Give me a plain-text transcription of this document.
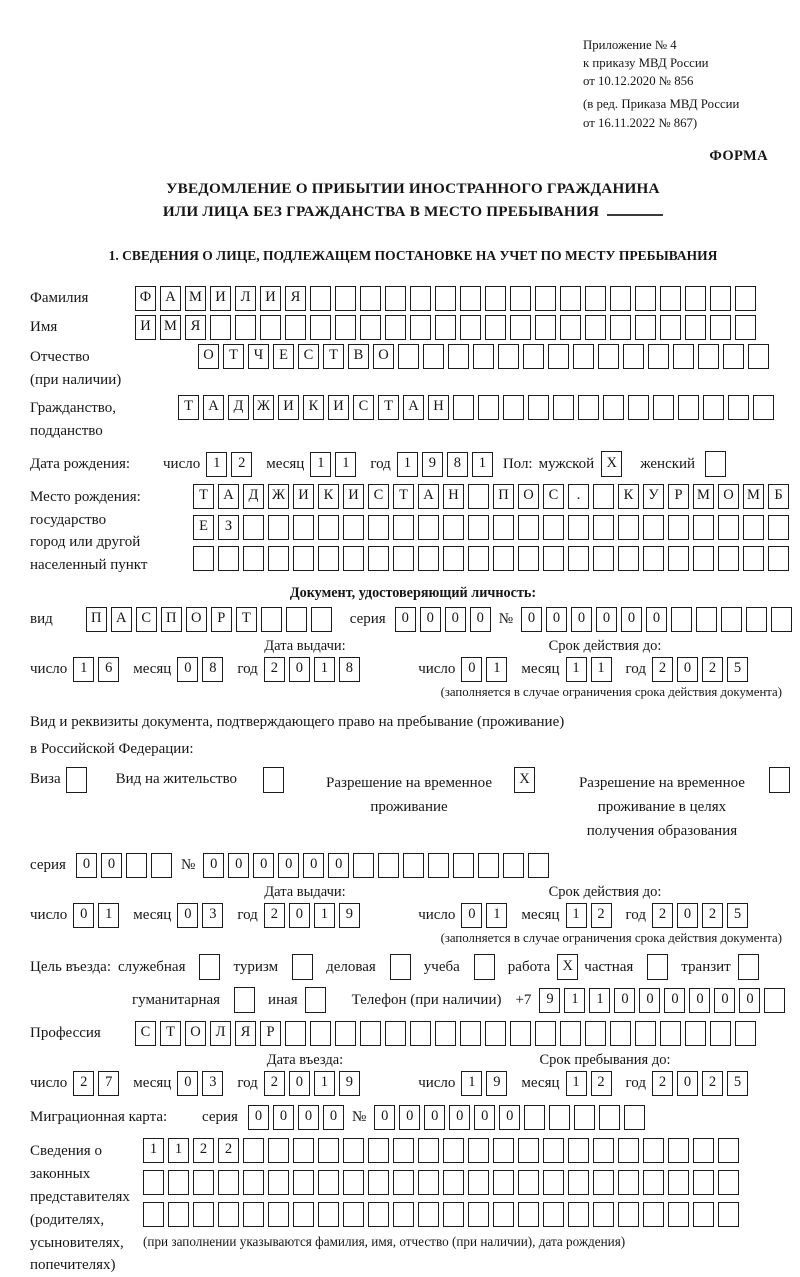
Приложение № 4
к приказу МВД России
от 10.12.2020 № 856
(в ред. Приказа МВД России
от 16.11.2022 № 867)
ФОРМА
УВЕДОМЛЕНИЕ О ПРИБЫТИИ ИНОСТРАННОГО ГРАЖДАНИНА
ИЛИ ЛИЦА БЕЗ ГРАЖДАНСТВА В МЕСТО ПРЕБЫВАНИЯ
1. СВЕДЕНИЯ О ЛИЦЕ, ПОДЛЕЖАЩЕМ ПОСТАНОВКЕ НА УЧЕТ ПО МЕСТУ ПРЕБЫВАНИЯ
Фамилия	Ф А М И	Л	И	Я
Имя	И М Я
Отчество
(при наличии)
О	Т	Ч	Е	С	Т	В	О
Гражданство,
подданство
Т	А	Д Ж И	К	И	С	Т	А	Н
Дата рождения:	число 1	2	месяц 1	1	год 1	9	8	1	Пол: мужской X	женский
Место рождения:
государство
город или другой
населенный пункт
Т	А	Д Ж И	К	И	С	Т	А	Н	П	О	С	.	К	У	Р	М О М Б
Е	З
Документ, удостоверяющий личность:
вид	П	А	С	П	О	Р	Т	серия	0	0	0	0 №	0	0	0	0	0	0
Дата выдачи:	Срок действия до:
число 1	6	месяц 0	8	год 2	0	1	8	число 0	1	месяц 1	1	год 2	0	2	5
(заполняется в случае ограничения срока действия документа)
Вид и реквизиты документа, подтверждающего право на пребывание (проживание)
в Российской Федерации:
Виза	Вид на жительство	Разрешение на временное проживание
X	Разрешение на временное проживание в целях получения образования
серия	0	0	№	0	0	0	0	0	0
Дата выдачи:	Срок действия до:
число 0	1	месяц 0	3	год 2	0	1	9	число 0	1	месяц 1	2	год 2	0	2	5
(заполняется в случае ограничения срока действия документа)
Цель въезда: служебная	туризм	деловая	учеба	работа X частная	транзит
гуманитарная	иная	Телефон (при наличии) +7	9	1	1	0	0	0	0	0	0
Профессия	С	Т	О	Л	Я	Р
Дата въезда:	Срок пребывания до:
число 2	7	месяц 0	3	год 2	0	1	9	число 1	9	месяц 1	2	год 2	0	2	5
Миграционная карта:	серия	0	0	0	0 №	0	0	0	0	0	0
Сведения о
законных
представителях
(родителях,
усыновителях,
попечителях)
1	1	2	2
(при заполнении указываются фамилия, имя, отчество (при наличии), дата рождения)
